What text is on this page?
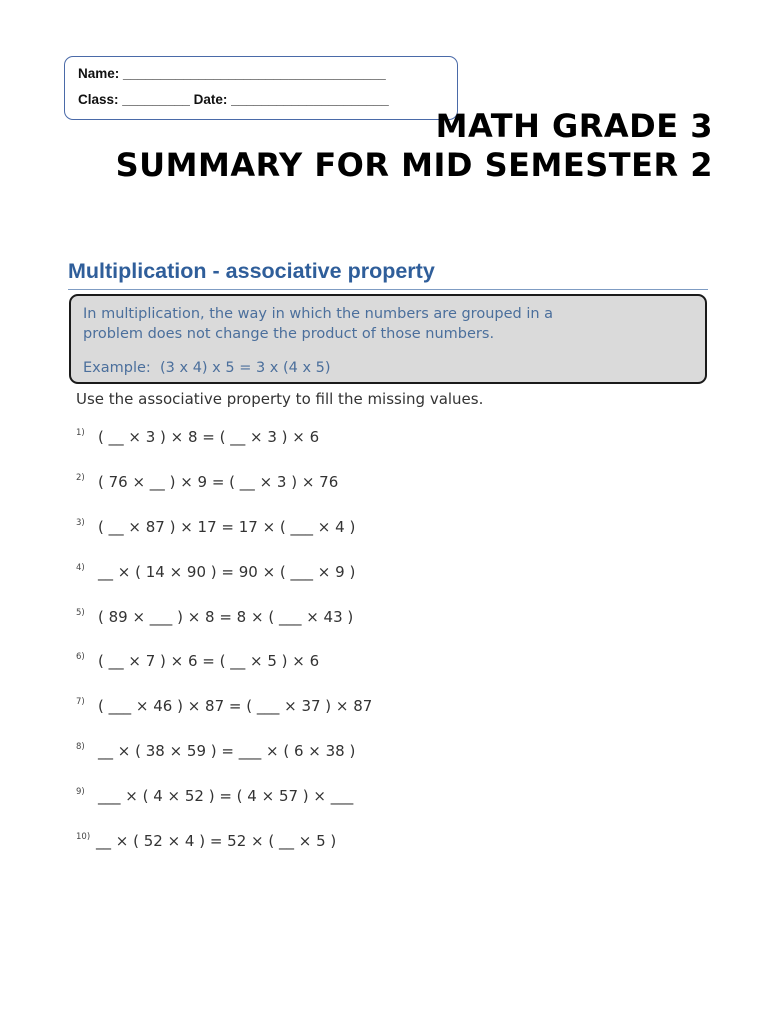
Name: ___________________________________
Class: _________ Date: _____________________
MATH GRADE 3
SUMMARY FOR MID SEMESTER 2
Multiplication - associative property
In multiplication, the way in which the numbers are grouped in a
problem does not change the product of those numbers.
Example:  (3 x 4) x 5 = 3 x (4 x 5)
Use the associative property to fill the missing values.
1) ( __ × 3 ) × 8 = ( __ × 3 ) × 6
2) ( 76 × __ ) × 9 = ( __ × 3 ) × 76
3) ( __ × 87 ) × 17 = 17 × ( ___ × 4 )
4) __ × ( 14 × 90 ) = 90 × ( ___ × 9 )
5) ( 89 × ___ ) × 8 = 8 × ( ___ × 43 )
6) ( __ × 7 ) × 6 = ( __ × 5 ) × 6
7) ( ___ × 46 ) × 87 = ( ___ × 37 ) × 87
8) __ × ( 38 × 59 ) = ___ × ( 6 × 38 )
9) ___ × ( 4 × 52 ) = ( 4 × 57 ) × ___
10) __ × ( 52 × 4 ) = 52 × ( __ × 5 )
